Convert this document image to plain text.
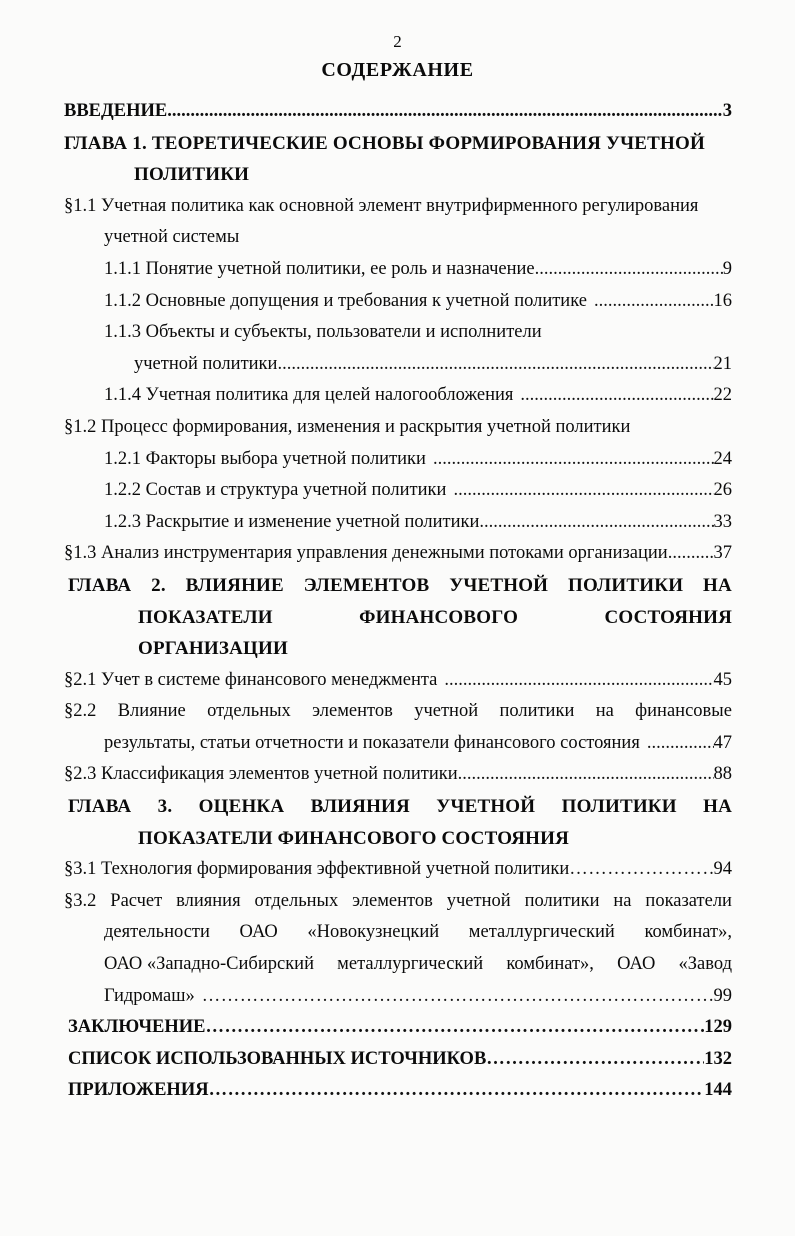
2
СОДЕРЖАНИЕ
ВВЕДЕНИЕ .....	3
ГЛАВА 1. ТЕОРЕТИЧЕСКИЕ ОСНОВЫ ФОРМИРОВАНИЯ УЧЕТНОЙ
ПОЛИТИКИ
§1.1 Учетная политика как основной элемент внутрифирменного регулирования
учетной системы
1.1.1 Понятие учетной политики, ее роль и назначение .....	9
1.1.2 Основные допущения и требования к учетной политике .....	16
1.1.3 Объекты и субъекты, пользователи и исполнители
учетной политики .....	21
1.1.4 Учетная политика для целей налогообложения .....	22
§1.2 Процесс формирования, изменения и раскрытия учетной политики
1.2.1 Факторы выбора учетной политики .....	24
1.2.2 Состав и структура учетной политики .....	26
1.2.3 Раскрытие и изменение учетной политики .....	33
§1.3 Анализ инструментария управления денежными потоками организации ..... 37
ГЛАВА 2. ВЛИЯНИЕ ЭЛЕМЕНТОВ УЧЕТНОЙ ПОЛИТИКИ НА
ПОКАЗАТЕЛИ	ФИНАНСОВОГО	СОСТОЯНИЯ
ОРГАНИЗАЦИИ
§2.1 Учет в системе финансового менеджмента .....	45
§2.2 Влияние отдельных элементов учетной политики на финансовые
результаты, статьи отчетности и показатели финансового состояния .....	47
§2.3 Классификация элементов учетной политики .....	88
ГЛАВА 3. ОЦЕНКА ВЛИЯНИЯ УЧЕТНОЙ ПОЛИТИКИ НА
ПОКАЗАТЕЛИ ФИНАНСОВОГО СОСТОЯНИЯ
§3.1 Технология формирования эффективной учетной политики …………………………………………………………………………………………………………	94
§3.2 Расчет влияния отдельных элементов учетной политики на показатели
деятельности ОАО «Новокузнецкий металлургический комбинат»,
ОАО «Западно-Сибирский металлургический комбинат», ОАО «Завод
Гидромаш» …………………………………………………………………………………………………………	99
ЗАКЛЮЧЕНИЕ …………………………………………………………………………………………………………	129
СПИСОК ИСПОЛЬЗОВАННЫХ ИСТОЧНИКОВ …………………………………………………………………………………………………………	132
ПРИЛОЖЕНИЯ …………………………………………………………………………………………………………	144
